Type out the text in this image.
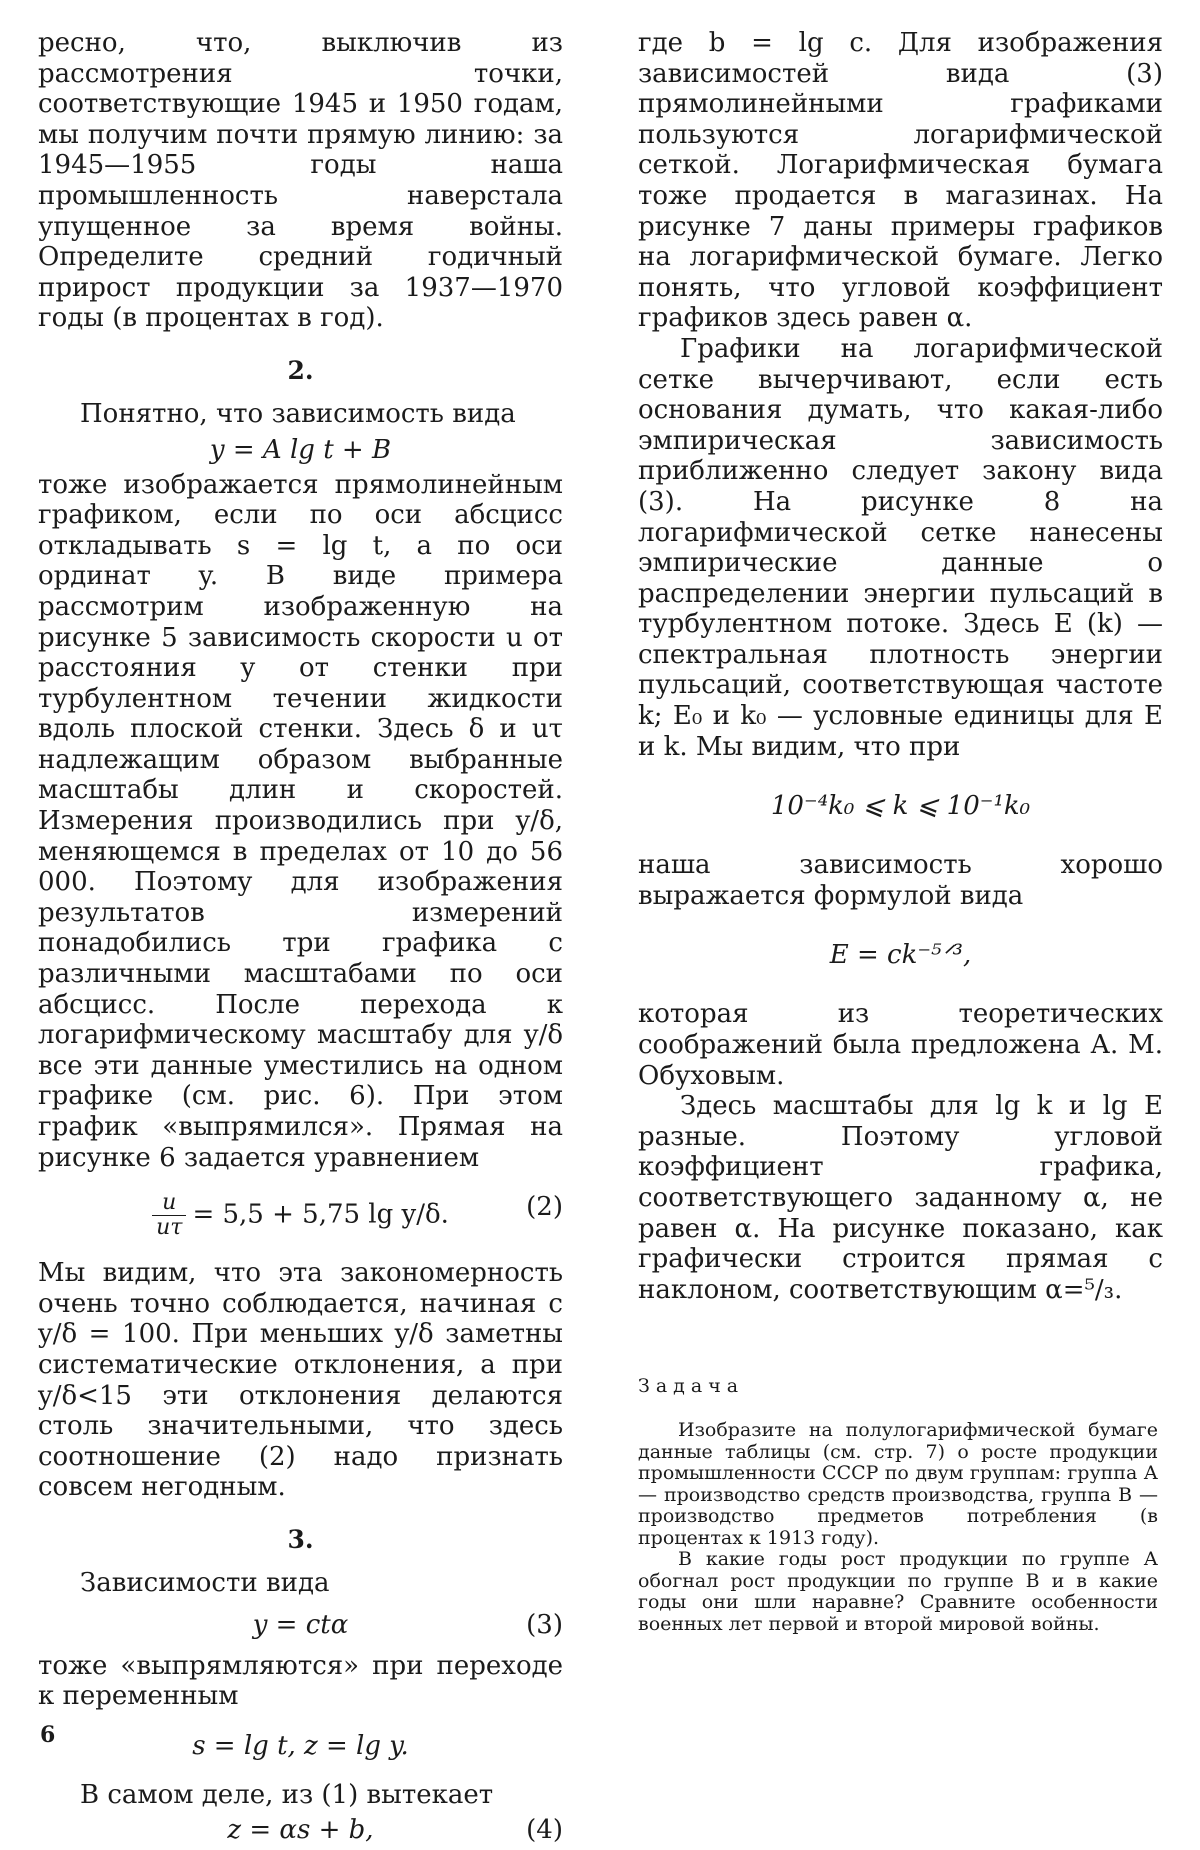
ресно, что, выключив из рассмотрения точки, соответствующие 1945 и 1950 годам, мы получим почти прямую линию: за 1945—1955 годы наша промышленность наверстала упущенное за время войны. Определите средний годичный прирост продукции за 1937—1970 годы (в процентах в год).

2.

Понятно, что зависимость вида

y = A lg t + B

тоже изображается прямолинейным графиком, если по оси абсцисс откладывать s = lg t, а по оси ординат y. В виде примера рассмотрим изображенную на рисунке 5 зависимость скорости u от расстояния y от стенки при турбулентном течении жидкости вдоль плоской стенки. Здесь δ и uτ надлежащим образом выбранные масштабы длин и скоростей. Измерения производились при y/δ, меняющемся в пределах от 10 до 56 000. Поэтому для изображения результатов измерений понадобились три графика с различными масштабами по оси абсцисс. После перехода к логарифмическому масштабу для y/δ все эти данные уместились на одном графике (см. рис. 6). При этом график «выпрямился». Прямая на рисунке 6 задается уравнением

$\frac{u}{u\tau} = 5,5 + 5,75$ lg y/δ.	(2)

Мы видим, что эта закономерность очень точно соблюдается, начиная с y/δ = 100. При меньших y/δ заметны систематические отклонения, а при y/δ<15 эти отклонения делаются столь значительными, что здесь соотношение (2) надо признать совсем негодным.

3.

Зависимости вида

y = ctα	(3)

тоже «выпрямляются» при переходе к переменным

s = lg t, z = lg y.

В самом деле, из (1) вытекает

z = αs + b,	(4)

где b = lg c. Для изображения зависимостей вида (3) прямолинейными графиками пользуются логарифмической сеткой. Логарифмическая бумага тоже продается в магазинах. На рисунке 7 даны примеры графиков на логарифмической бумаге. Легко понять, что угловой коэффициент графиков здесь равен α.

Графики на логарифмической сетке вычерчивают, если есть основания думать, что какая-либо эмпирическая зависимость приближенно следует закону вида (3). На рисунке 8 на логарифмической сетке нанесены эмпирические данные о распределении энергии пульсаций в турбулентном потоке. Здесь E (k) — спектральная плотность энергии пульсаций, соответствующая частоте k; E₀ и k₀ — условные единицы для E и k. Мы видим, что при

10⁻⁴k₀ ⩽ k ⩽ 10⁻¹k₀

наша зависимость хорошо выражается формулой вида

E = ck⁻⁵ᐟ³,

которая из теоретических соображений была предложена А. М. Обуховым.

Здесь масштабы для lg k и lg E разные. Поэтому угловой коэффициент графика, соответствующего заданному α, не равен α. На рисунке показано, как графически строится прямая с наклоном, соответствующим α=⁵/₃.

Задача

Изобразите на полулогарифмической бумаге данные таблицы (см. стр. 7) о росте продукции промышленности СССР по двум группам: группа А — производство средств производства, группа В — производство предметов потребления (в процентах к 1913 году).

В какие годы рост продукции по группе А обогнал рост продукции по группе В и в какие годы они шли наравне? Сравните особенности военных лет первой и второй мировой войны.

6
